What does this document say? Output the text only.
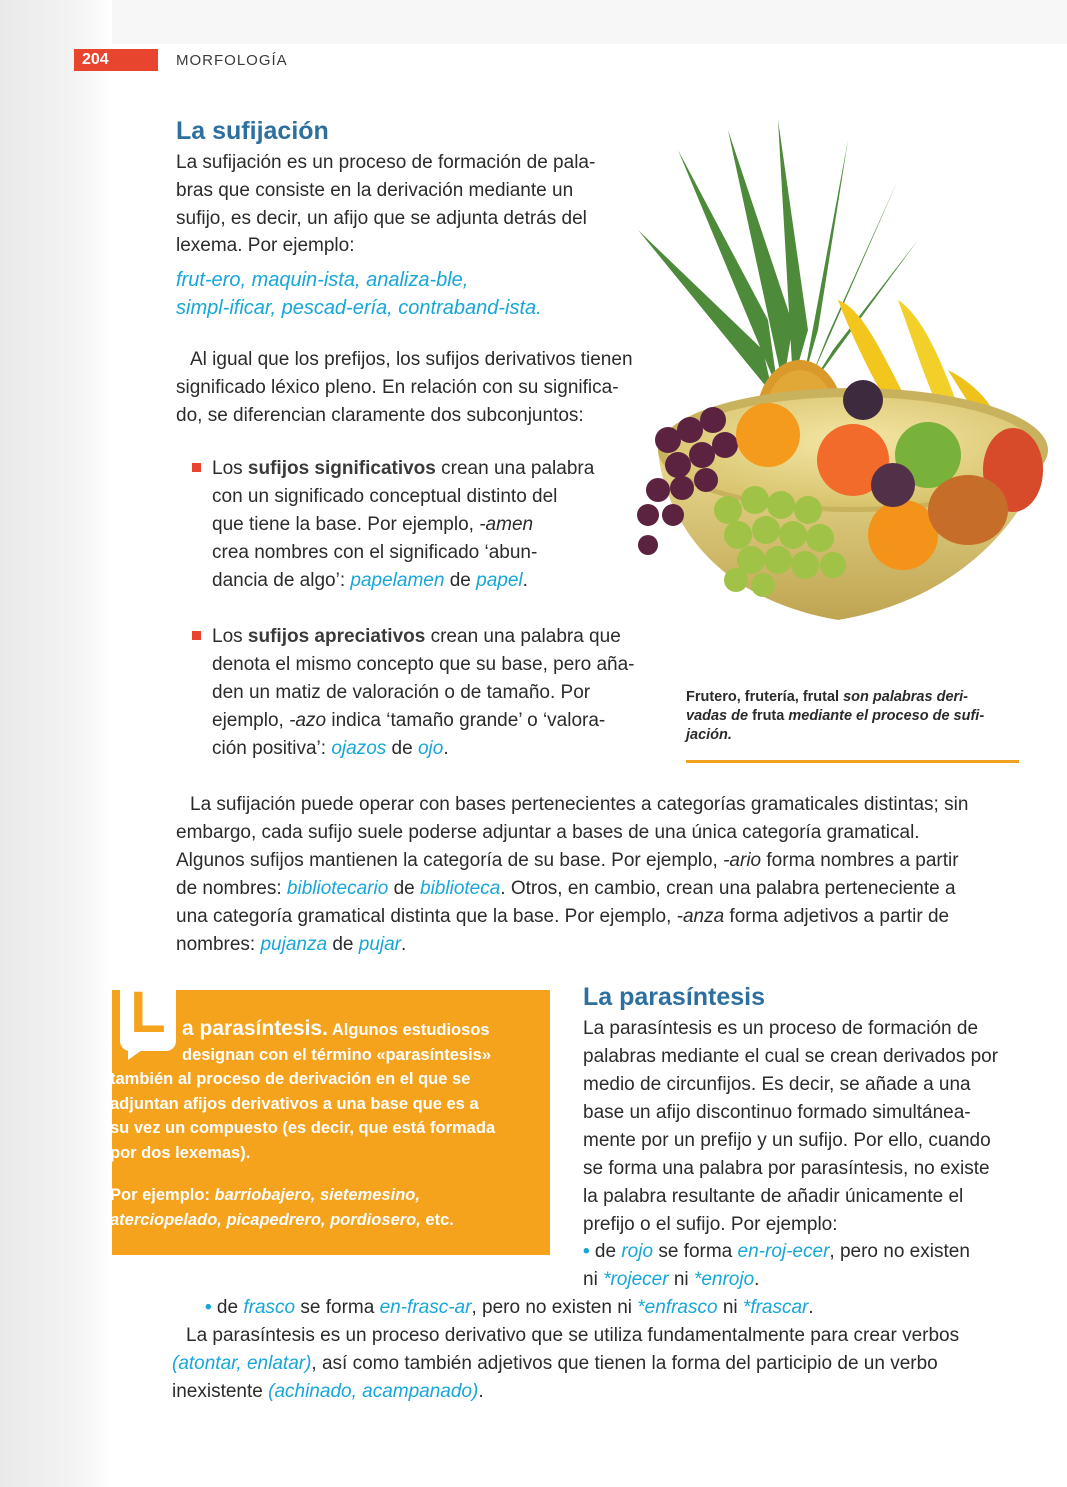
204	MORFOLOGÍA
La sufijación
La sufijación es un proceso de formación de pala-
bras que consiste en la derivación mediante un
sufijo, es decir, un afijo que se adjunta detrás del
lexema. Por ejemplo:
frut-ero, maquin-ista, analiza-ble,
simpl-ificar, pescad-ería, contraband-ista.
Al igual que los prefijos, los sufijos derivativos tienen
significado léxico pleno. En relación con su significa-
do, se diferencian claramente dos subconjuntos:
Los sufijos significativos crean una palabra
con un significado conceptual distinto del
que tiene la base. Por ejemplo, -amen
crea nombres con el significado ‘abun-
dancia de algo’: papelamen de papel.
Los sufijos apreciativos crean una palabra que
denota el mismo concepto que su base, pero aña-
den un matiz de valoración o de tamaño. Por
ejemplo, -azo indica ‘tamaño grande’ o ‘valora-
ción positiva’: ojazos de ojo.
Frutero, frutería, frutal son palabras deri-
vadas de fruta mediante el proceso de sufi-
jación.
La sufijación puede operar con bases pertenecientes a categorías gramaticales distintas; sin
embargo, cada sufijo suele poderse adjuntar a bases de una única categoría gramatical.
Algunos sufijos mantienen la categoría de su base. Por ejemplo, -ario forma nombres a partir
de nombres: bibliotecario de biblioteca. Otros, en cambio, crean una palabra perteneciente a
una categoría gramatical distinta que la base. Por ejemplo, -anza forma adjetivos a partir de
nombres: pujanza de pujar.
L a parasíntesis. Algunos estudiosos
designan con el término «parasíntesis»
también al proceso de derivación en el que se
adjuntan afijos derivativos a una base que es a
su vez un compuesto (es decir, que está formada
por dos lexemas).
Por ejemplo: barriobajero, sietemesino,
aterciopelado, picapedrero, pordiosero, etc.
La parasíntesis
La parasíntesis es un proceso de formación de
palabras mediante el cual se crean derivados por
medio de circunfijos. Es decir, se añade a una
base un afijo discontinuo formado simultánea-
mente por un prefijo y un sufijo. Por ello, cuando
se forma una palabra por parasíntesis, no existe
la palabra resultante de añadir únicamente el
prefijo o el sufijo. Por ejemplo:
• de rojo se forma en-roj-ecer, pero no existen
ni *rojecer ni *enrojo.
• de frasco se forma en-frasc-ar, pero no existen ni *enfrasco ni *frascar.
La parasíntesis es un proceso derivativo que se utiliza fundamentalmente para crear verbos
(atontar, enlatar), así como también adjetivos que tienen la forma del participio de un verbo
inexistente (achinado, acampanado).
